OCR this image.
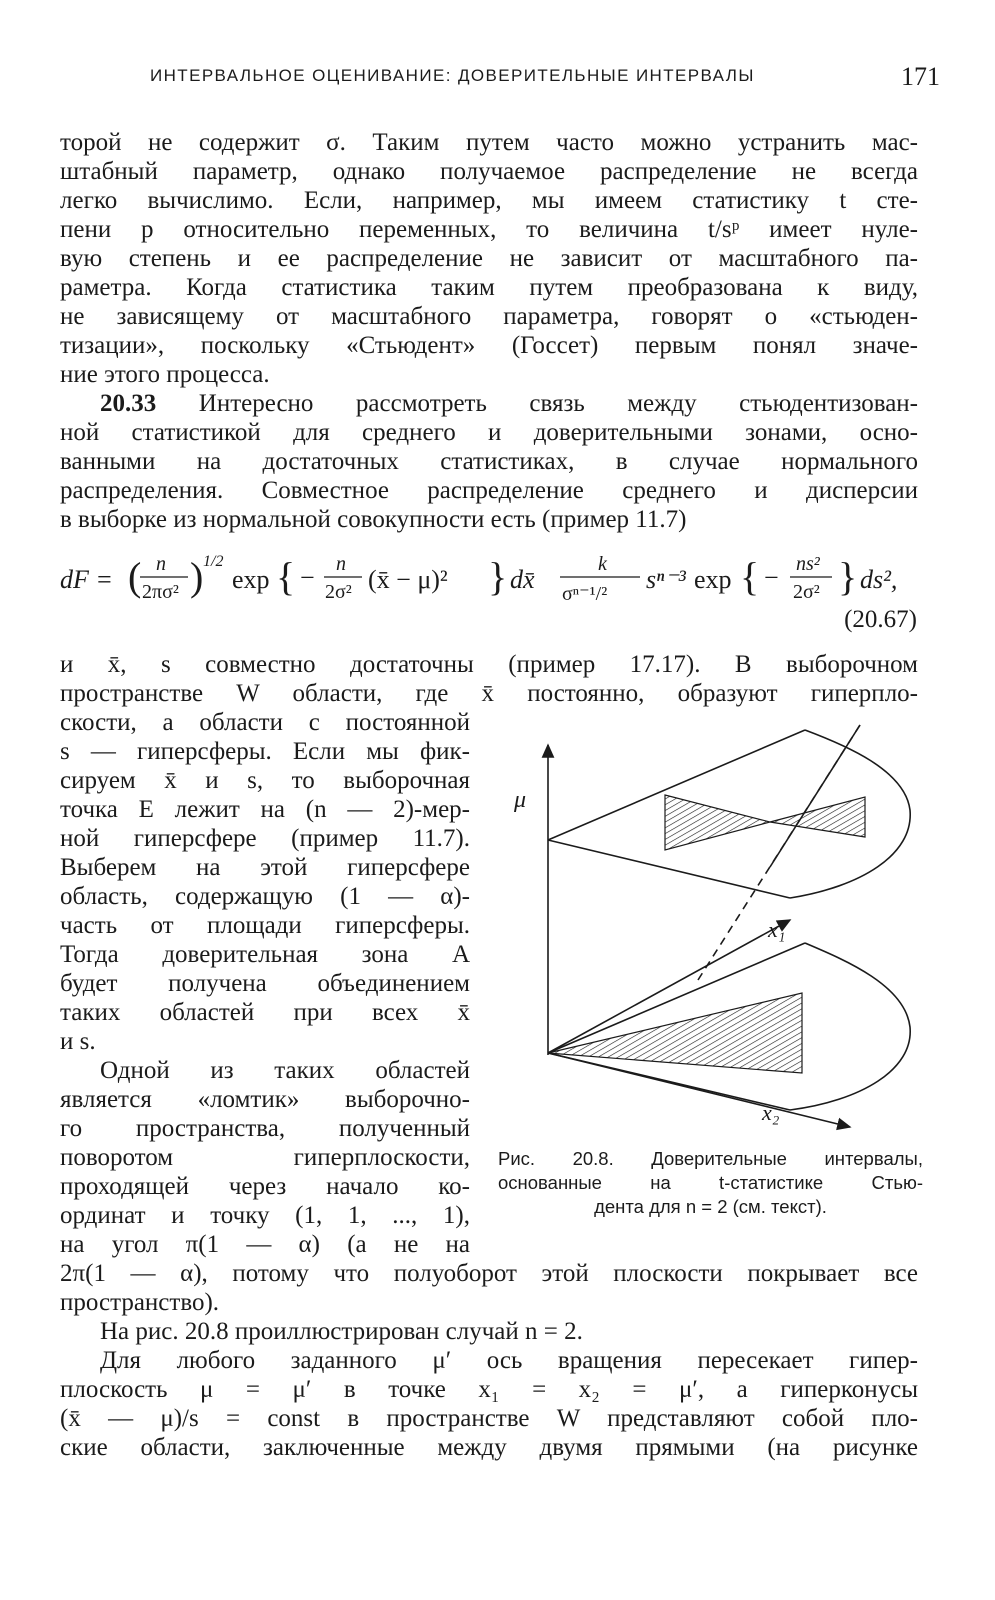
ИНТЕРВАЛЬНОЕ ОЦЕНИВАНИЕ: ДОВЕРИТЕЛЬНЫЕ ИНТЕРВАЛЫ	171
торой не содержит σ. Таким путем часто можно устранить мас-
штабный параметр, однако получаемое распределение не всегда
легко вычислимо. Если, например, мы имеем статистику t сте-
пени p относительно переменных, то величина t/sᵖ имеет нуле-
вую степень и ее распределение не зависит от масштабного па-
раметра. Когда статистика таким путем преобразована к виду,
не зависящему от масштабного параметра, говорят о «стьюден-
тизации», поскольку «Стьюдент» (Госсет) первым понял значе-
ние этого процесса.
20.33 Интересно рассмотреть связь между стьюдентизован-
ной статистикой для среднего и доверительными зонами, осно-
ванными на достаточных статистиках, в случае нормального
распределения. Совместное распределение среднего и дисперсии
в выборке из нормальной совокупности есть (пример 11.7)
dF = ( n
2πσ² ) 1/2
exp { − n
2σ² (x̄ − μ)² } dx̄
k
σⁿ⁻¹/² sⁿ⁻³ exp { − ns²
2σ² } ds²,
(20.67)
и x̄, s совместно достаточны (пример 17.17). В выборочном
пространстве W области, где x̄ постоянно, образуют гиперпло-
скости, а области с постоянной
s — гиперсферы. Если мы фик-
сируем x̄ и s, то выборочная
точка E лежит на (n — 2)-мер-
ной гиперсфере (пример 11.7).
Выберем на этой гиперсфере
область, содержащую (1 — α)-
часть от площади гиперсферы.
Тогда доверительная зона A
будет получена объединением
таких областей при всех x̄
и s.
Одной из таких областей
является «ломтик» выборочно-
го пространства, полученный
поворотом гиперплоскости,
проходящей через начало ко-
ординат и точку (1, 1, ..., 1),
на угол π(1 — α) (а не на
2π(1 — α), потому что полуоборот этой плоскости покрывает все
пространство).
На рис. 20.8 проиллюстрирован случай n = 2.
Для любого заданного μ′ ось вращения пересекает гипер-
плоскость μ = μ′ в точке x₁ = x₂ = μ′, а гиперконусы
(x̄ — μ)/s = const в пространстве W представляют собой пло-
ские области, заключенные между двумя прямыми (на рисунке
μ
x₁
x₂
Рис. 20.8. Доверительные интервалы,
основанные на t-статистике Стью-
дента для n = 2 (см. текст).
